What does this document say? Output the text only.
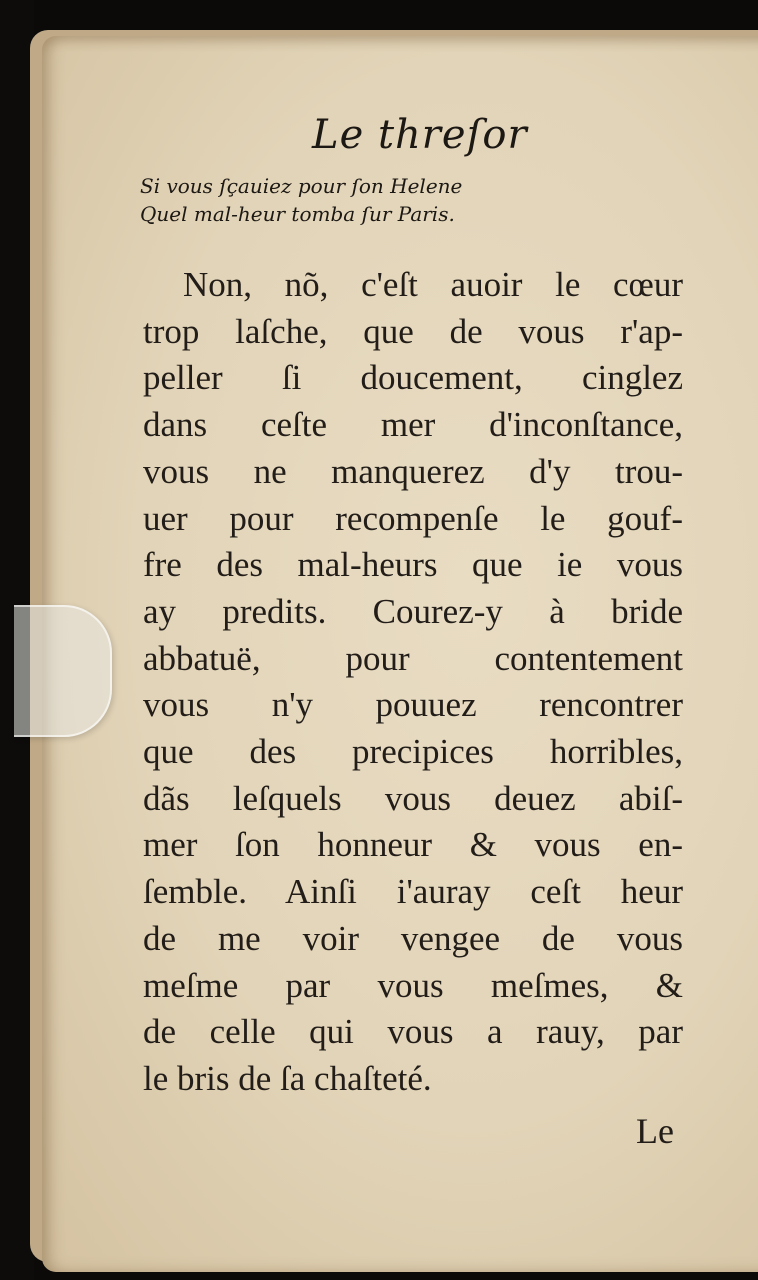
Le threſor
Si vous ſçauiez pour ſon Helene
Quel mal-heur tomba ſur Paris.
Non, nõ, c'eſt auoir le cœur
trop laſche, que de vous r'ap-
peller ſi doucement, cinglez
dans ceſte mer d'inconſtance,
vous ne manquerez d'y trou-
uer pour recompenſe le gouf-
fre des mal-heurs que ie vous
ay predits. Courez-y à bride
abbatuë, pour contentement
vous n'y pouuez rencontrer
que des precipices horribles,
dãs leſquels vous deuez abiſ-
mer ſon honneur & vous en-
ſemble. Ainſi i'auray ceſt heur
de me voir vengee de vous
meſme par vous meſmes, &
de celle qui vous a rauy, par
le bris de ſa chaſteté.
Le
